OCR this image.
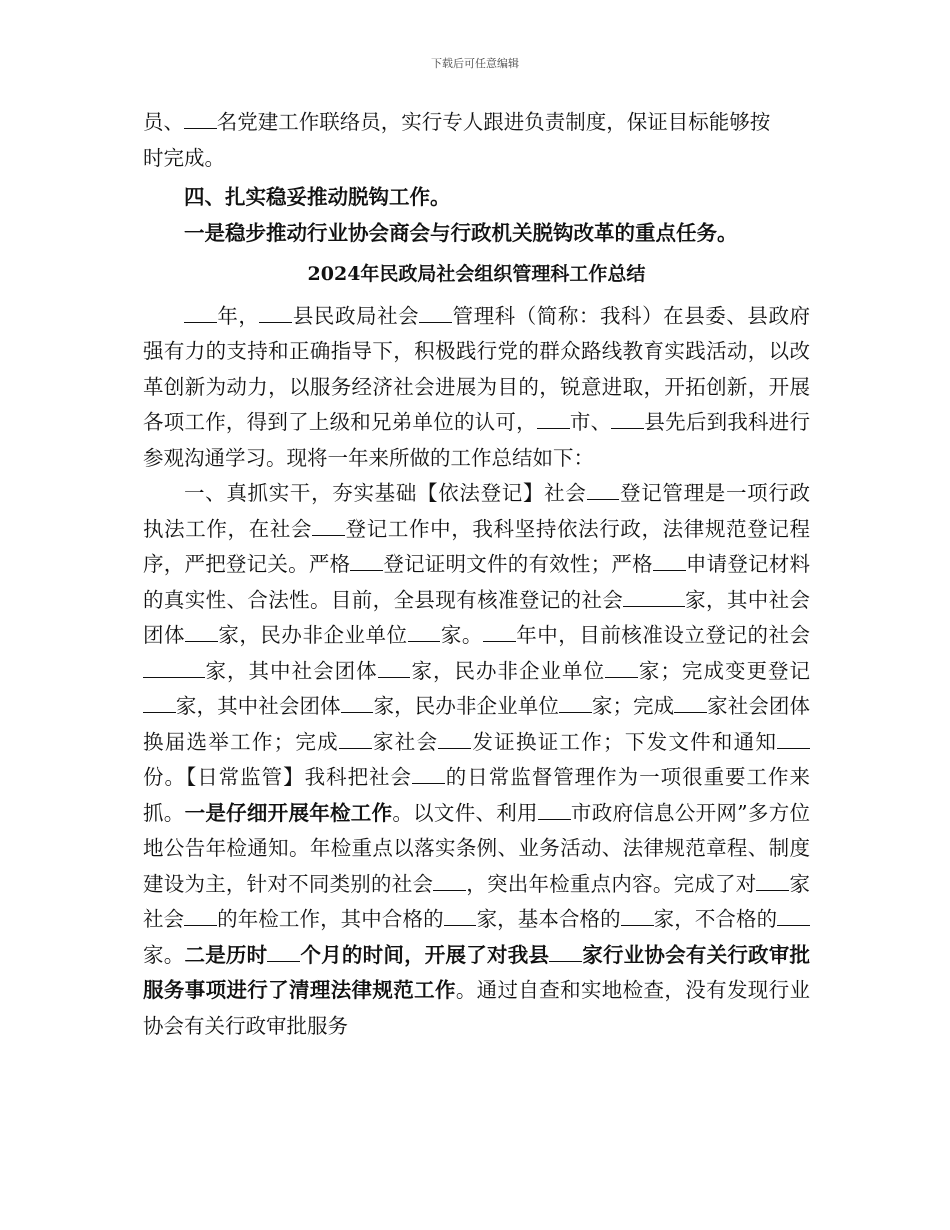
下载后可任意编辑

员、 名党建工作联络员，实行专人跟进负责制度，保证目标能够按
时完成。

四、扎实稳妥推动脱钩工作。

一是稳步推动行业协会商会与行政机关脱钩改革的重点任务。

2024年民政局社会组织管理科工作总结

年， 县民政局社会 管理科（简称：我科）在县委、县政府强有力的支持和正确指导下，积极践行党的群众路线教育实践活动，以改革创新为动力，以服务经济社会进展为目的，锐意进取，开拓创新，开展各项工作，得到了上级和兄弟单位的认可， 市、 县先后到我科进行参观沟通学习。现将一年来所做的工作总结如下：

一、真抓实干，夯实基础【依法登记】社会 登记管理是一项行政执法工作，在社会 登记工作中，我科坚持依法行政，法律规范登记程序，严把登记关。严格 登记证明文件的有效性；严格 申请登记材料的真实性、合法性。目前，全县现有核准登记的社会	家，其中社会团体 家，民办非企业单位 家。 年中，目前核准设立登记的社会家，其中社会团体 家，民办非企业单位 家；完成变更登记家，其中社会团体 家，民办非企业单位 家；完成 家社会团体换届选举工作；完成 家社会 发证换证工作；下发文件和通知份。【日常监管】我科把社会 的日常监督管理作为一项很重要工作来抓。一是仔细开展年检工作。以文件、利用 市政府信息公开网”多方位地公告年检通知。年检重点以落实条例、业务活动、法律规范章程、制度建设为主，针对不同类别的社会 ，突出年检重点内容。完成了对 家社会 的年检工作，其中合格的 家，基本合格的 家，不合格的家。二是历时 个月的时间，开展了对我县 家行业协会有关行政审批服务事项进行了清理法律规范工作。通过自查和实地检查，没有发现行业协会有关行政审批服务
